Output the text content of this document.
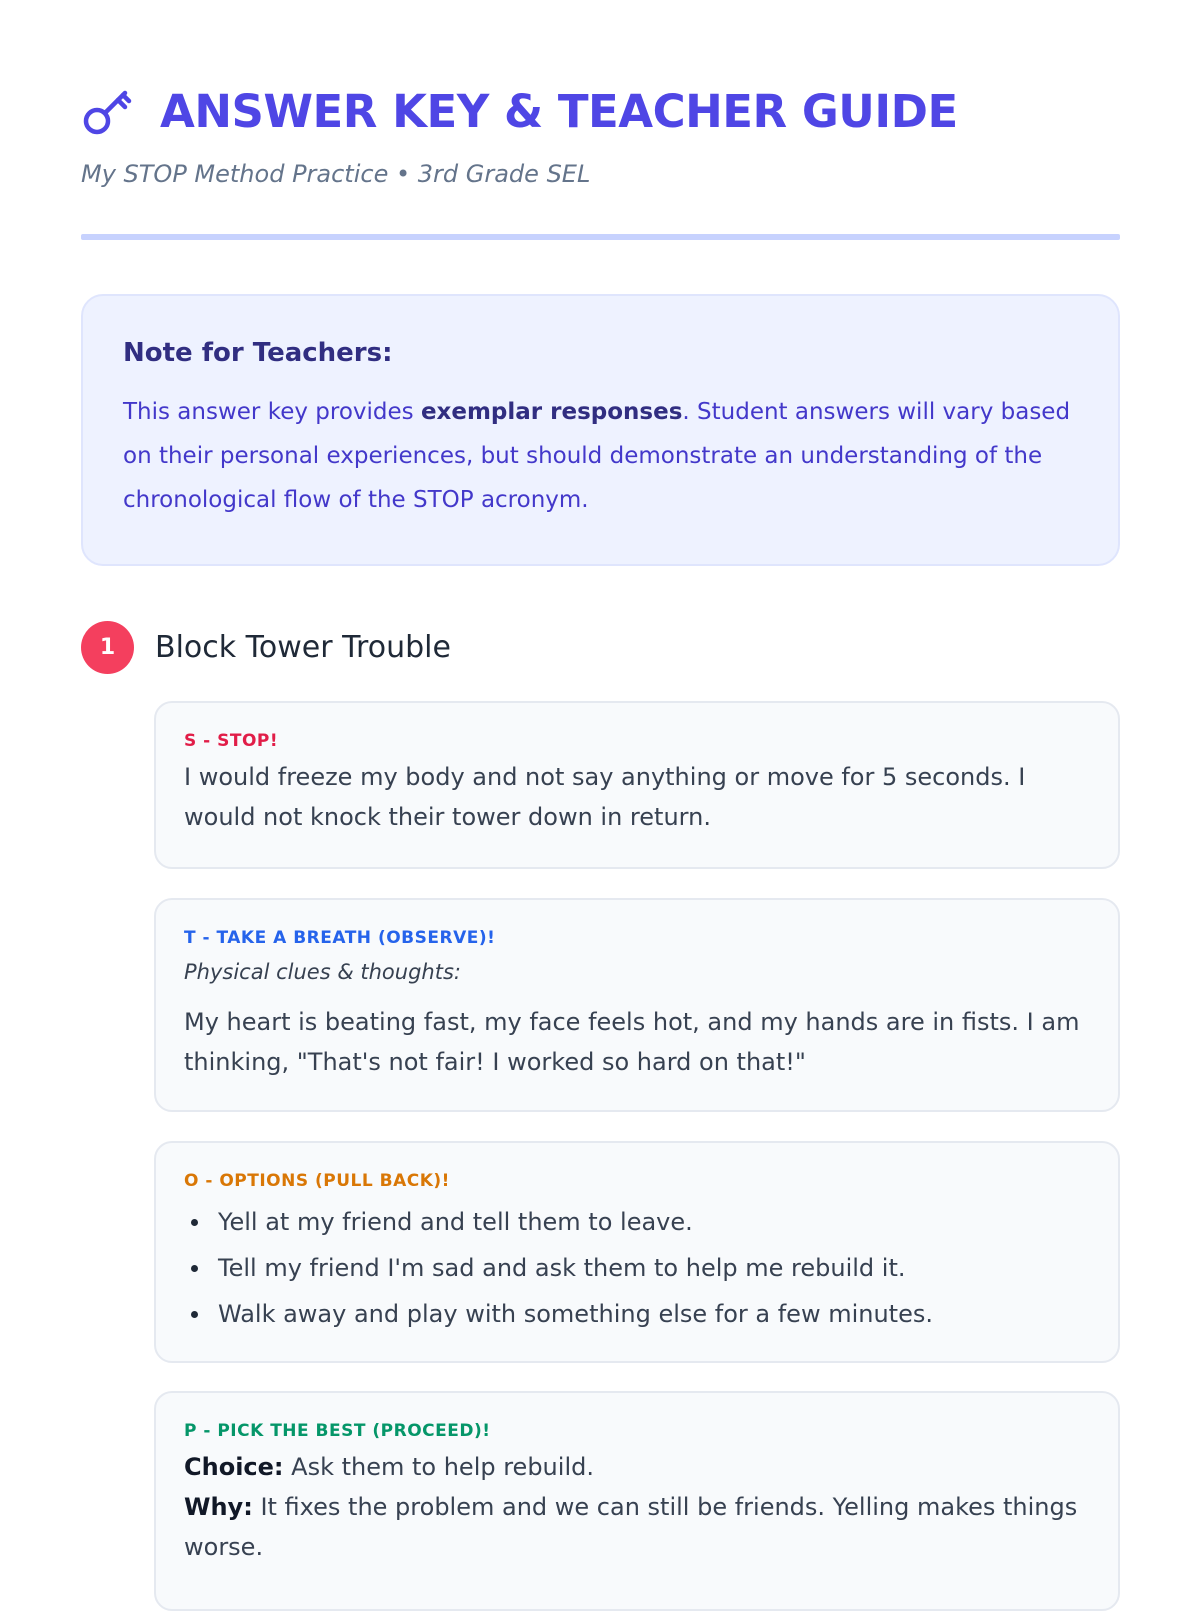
ANSWER KEY & TEACHER GUIDE
My STOP Method Practice • 3rd Grade SEL
Note for Teachers:
This answer key provides exemplar responses. Student answers will vary based on their personal experiences, but should demonstrate an understanding of the chronological flow of the STOP acronym.
1	Block Tower Trouble
S - STOP!
I would freeze my body and not say anything or move for 5 seconds. I would not knock their tower down in return.
T - TAKE A BREATH (OBSERVE)!
Physical clues & thoughts:
My heart is beating fast, my face feels hot, and my hands are in fists. I am thinking, "That's not fair! I worked so hard on that!"
O - OPTIONS (PULL BACK)!
Yell at my friend and tell them to leave.
Tell my friend I'm sad and ask them to help me rebuild it.
Walk away and play with something else for a few minutes.
P - PICK THE BEST (PROCEED)!
Choice: Ask them to help rebuild.
Why: It fixes the problem and we can still be friends. Yelling makes things worse.
